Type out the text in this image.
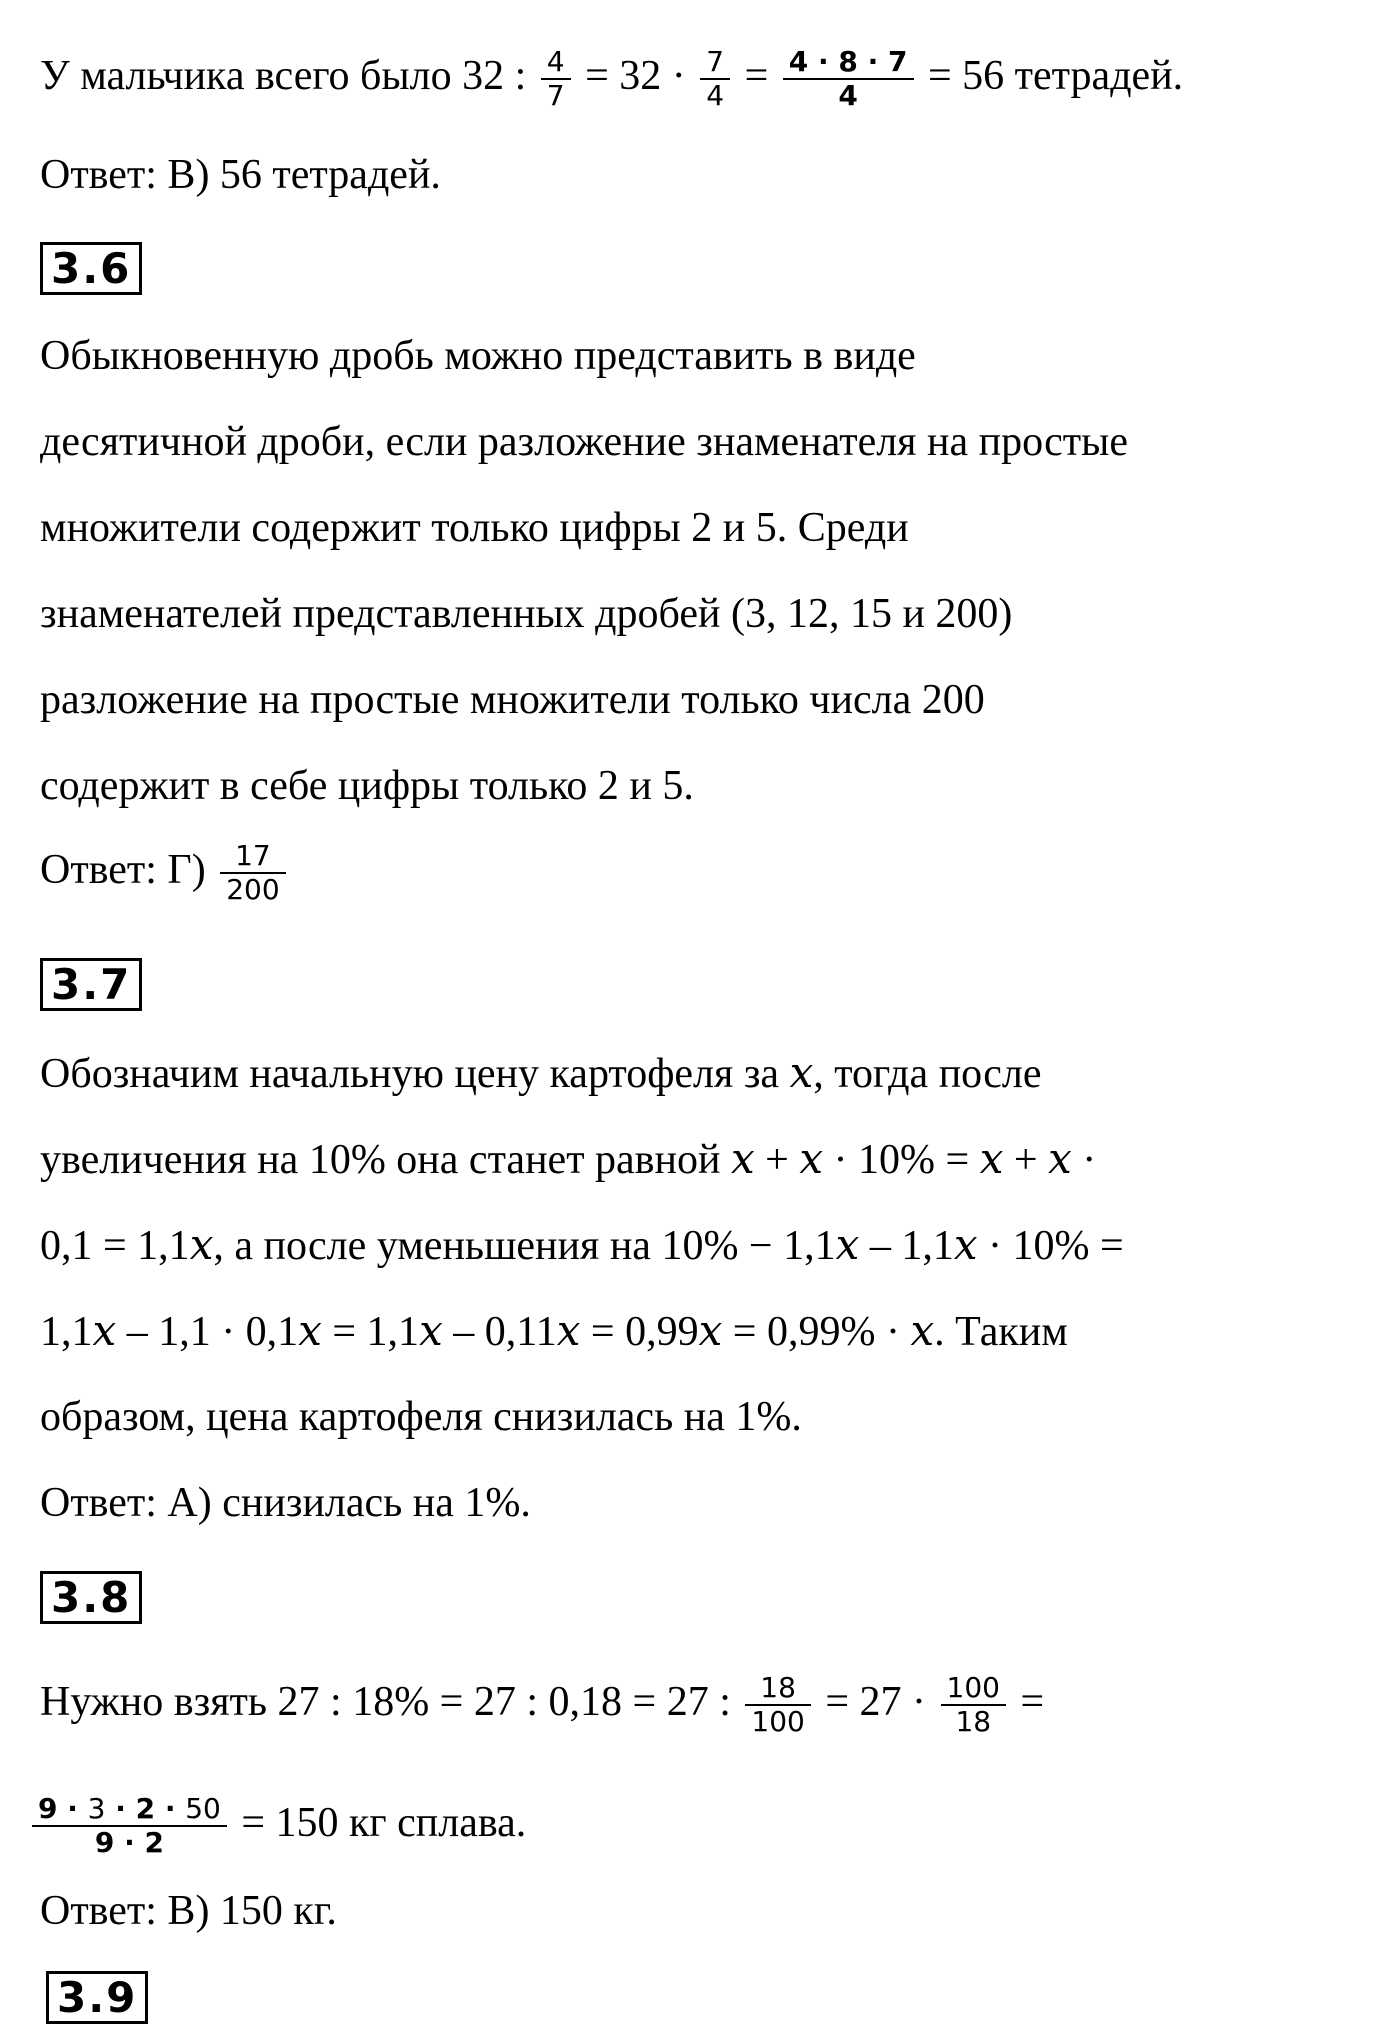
У мальчика всего было 32 : $\frac{4}{7} = 32 \cdot \frac{7}{4} = \frac{4 \cdot 8 \cdot 7}{4} = 56$ тетрадей.
Ответ: В) 56 тетрадей.
3.6
Обыкновенную дробь можно представить в виде
десятичной дроби, если разложение знаменателя на простые
множители содержит только цифры 2 и 5. Среди
знаменателей представленных дробей (3, 12, 15 и 200)
разложение на простые множители только числа 200
содержит в себе цифры только 2 и 5.
Ответ: $Г) \frac{17}{200}$
3.7
Обозначим начальную цену картофеля за x, тогда после
увеличения на 10% она станет равной x + x · 10% = x + x ·
0,1 = 1,1x, а после уменьшения на 10% − 1,1x – 1,1x · 10% =
1,1x – 1,1 · 0,1x = 1,1x – 0,11x = 0,99x = 0,99% · x. Таким
образом, цена картофеля снизилась на 1%.
Ответ: А) снизилась на 1%.
3.8
Нужно взять 27 : 18% = 27 : 0,18 = 27 : $\frac{18}{100} = 27 \cdot \frac{100}{18}$ =
$\frac{9 \cdot 3 \cdot 2 \cdot 50}{9 \cdot 2} = 150$ кг сплава.
Ответ: В) 150 кг.
3.9
